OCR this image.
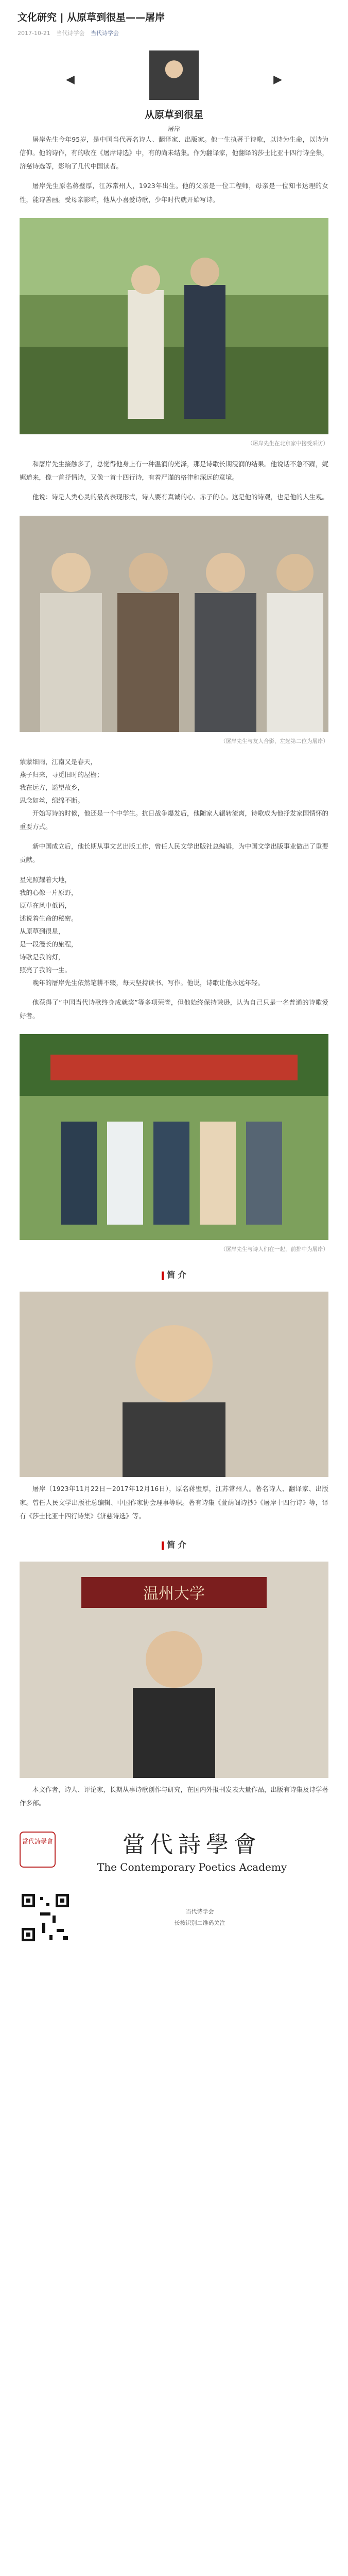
文化研究 | 从原草到很星——屠岸
2017-10-21 当代诗学会 当代诗学会
◀	▶
从原草到很星
屠岸

屠岸先生今年95岁，是中国当代著名诗人、翻译家、出版家。他一生执著于诗歌，以诗为生命，以诗为信仰。他的诗作，有的收在《屠岸诗选》中，有的尚未结集。作为翻译家，他翻译的莎士比亚十四行诗全集，济慈诗选等，影响了几代中国读者。

屠岸先生原名蒋璧厚，江苏常州人，1923年出生。他的父亲是一位工程师，母亲是一位知书达理的女性，能诗善画。受母亲影响，他从小喜爱诗歌，少年时代就开始写诗。

（屠岸先生在北京家中接受采访）

和屠岸先生接触多了，总觉得他身上有一种温润的光泽，那是诗歌长期浸润的结果。他说话不急不躁，娓娓道来，像一首抒情诗，又像一首十四行诗，有着严谨的格律和深远的意境。

他说：诗是人类心灵的最高表现形式，诗人要有真诚的心、赤子的心。这是他的诗观，也是他的人生观。

（屠岸先生与友人合影，左起第二位为屠岸）

蒙蒙细雨，江南又是春天，

燕子归来，寻觅旧时的屋檐；

我在远方，遥望故乡，

思念如丝，绵绵不断。

开始写诗的时候，他还是一个中学生。抗日战争爆发后，他随家人辗转流离，诗歌成为他抒发家国情怀的重要方式。

新中国成立后，他长期从事文艺出版工作，曾任人民文学出版社总编辑，为中国文学出版事业做出了重要贡献。

星光照耀着大地，

我的心像一片原野，

原草在风中低语，

述说着生命的秘密。

从原草到很星，

是一段漫长的旅程，

诗歌是我的灯，

照亮了我的一生。

晚年的屠岸先生依然笔耕不辍，每天坚持读书、写作。他说，诗歌让他永远年轻。

他获得了“中国当代诗歌终身成就奖”等多项荣誉，但他始终保持谦逊，认为自己只是一名普通的诗歌爱好者。

（屠岸先生与诗人们在一起，前排中为屠岸）

简 介

屠岸（1923年11月22日－2017年12月16日），原名蒋璧厚，江苏常州人。著名诗人、翻译家、出版家。曾任人民文学出版社总编辑、中国作家协会理事等职。著有诗集《萱荫阁诗抄》《屠岸十四行诗》等，译有《莎士比亚十四行诗集》《济慈诗选》等。

简 介
温州大学

本文作者，诗人、评论家，长期从事诗歌创作与研究，在国内外报刊发表大量作品，出版有诗集及诗学著作多部。

當代詩學會	當代詩學會
The Contemporary Poetics Academy
当代诗学会
长按识别二维码关注
